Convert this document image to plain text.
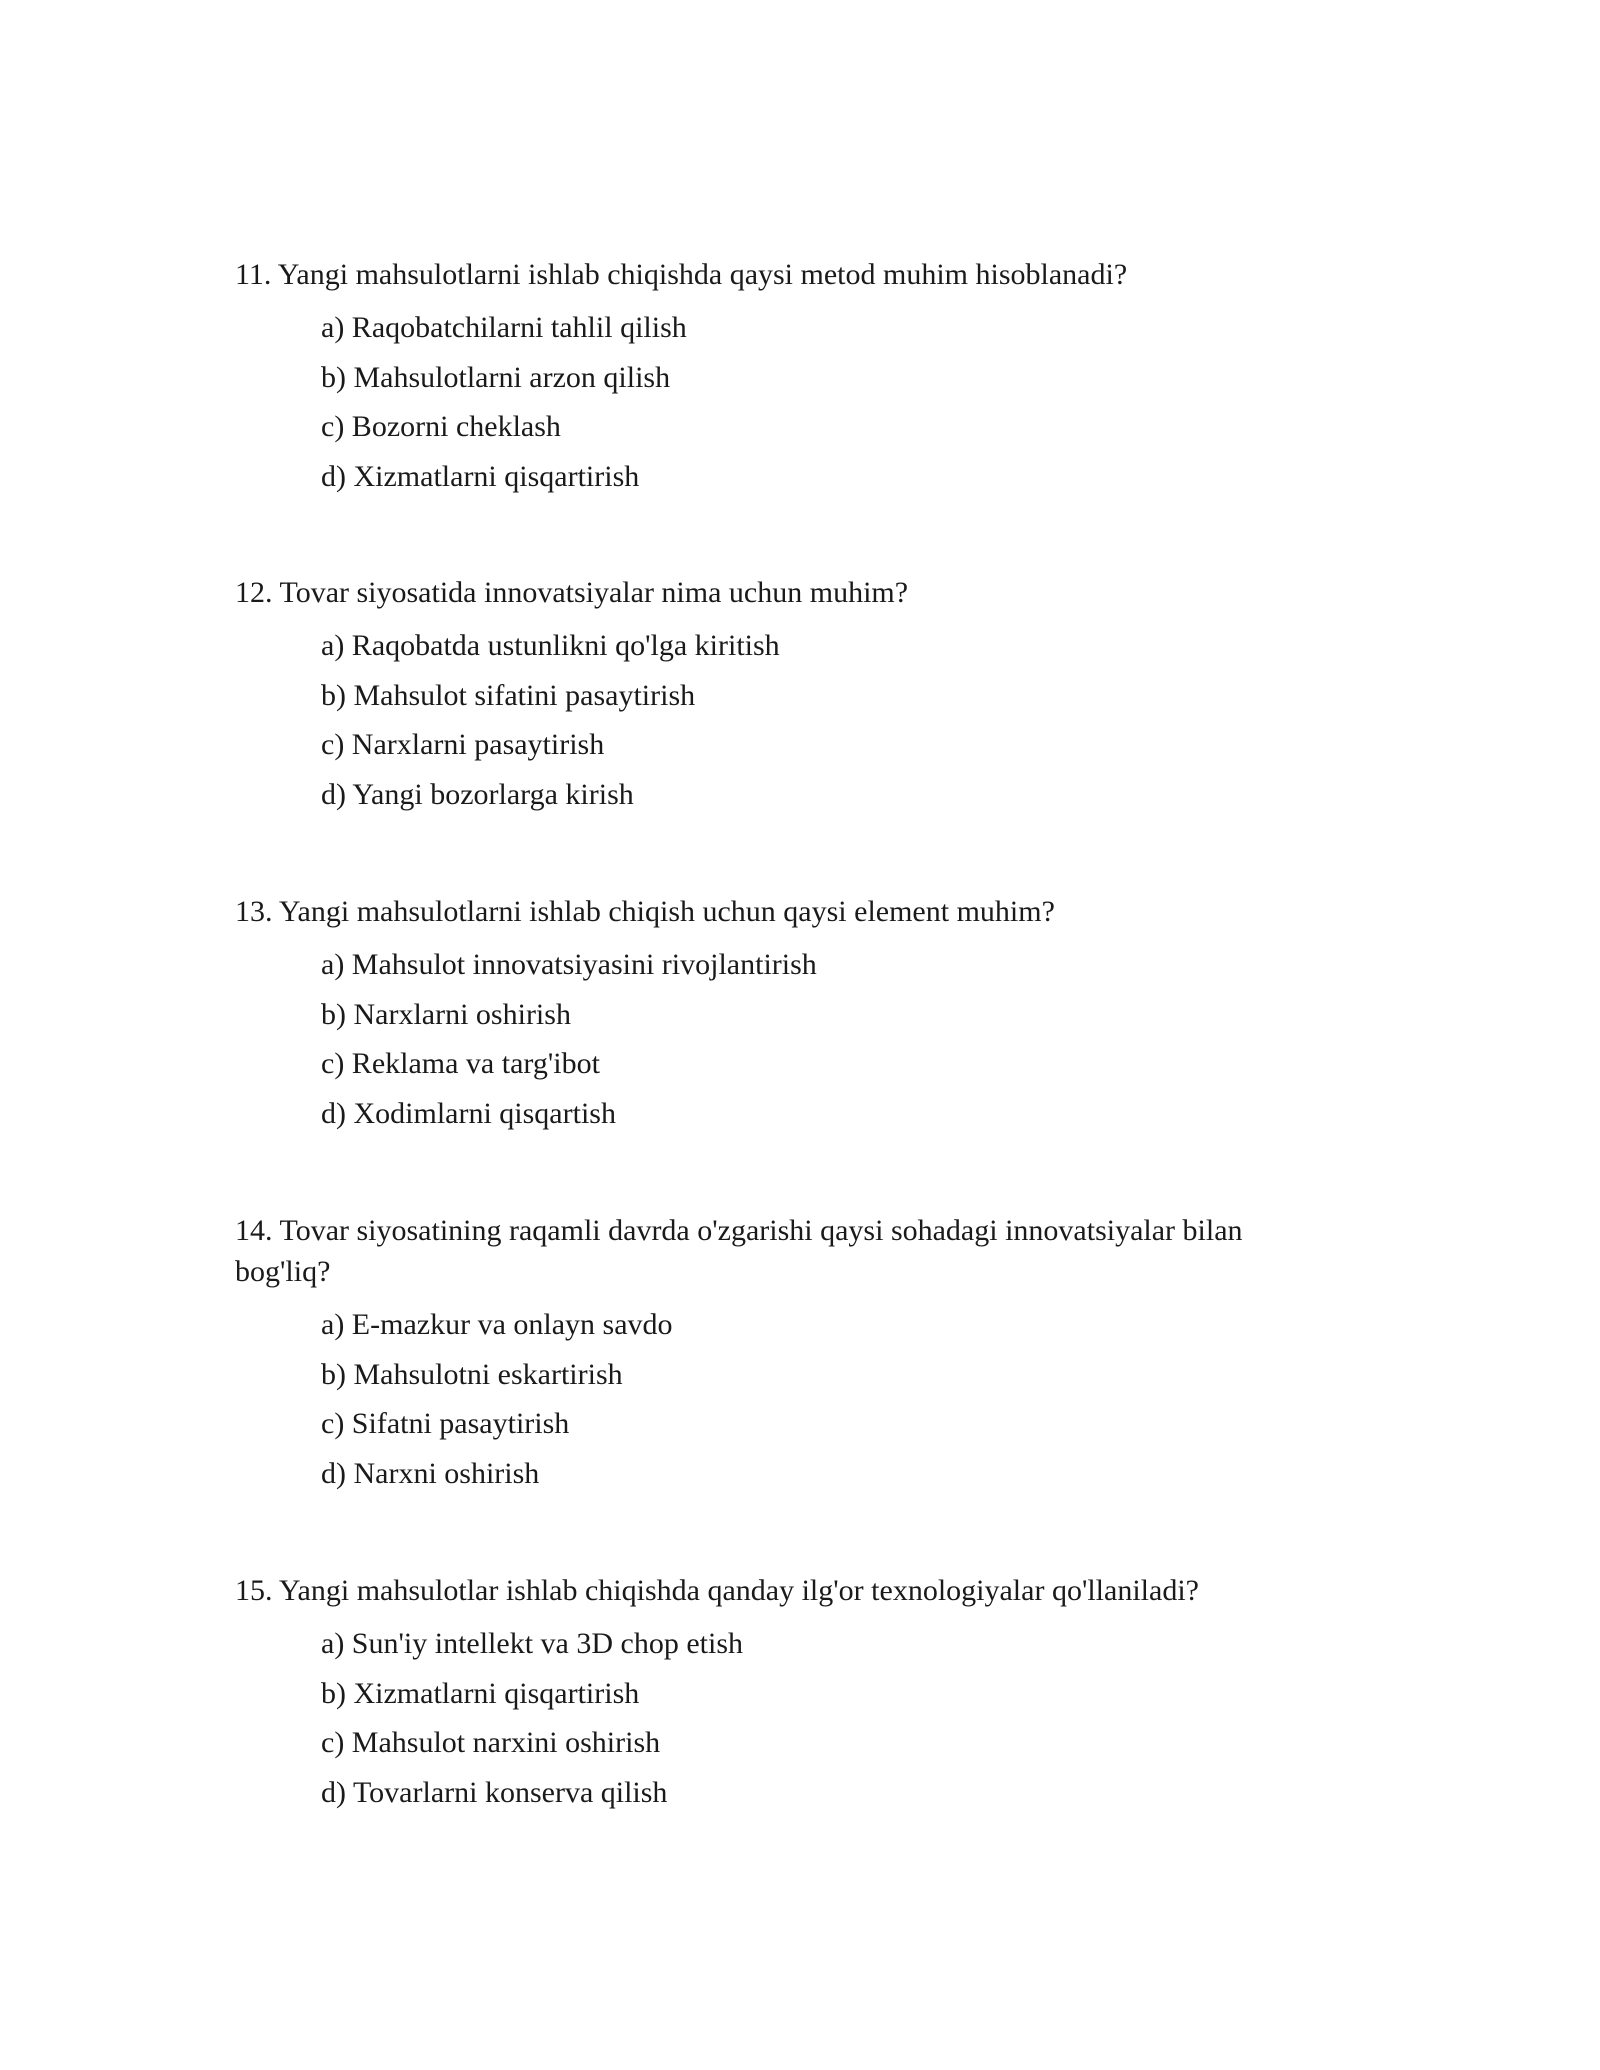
11. Yangi mahsulotlarni ishlab chiqishda qaysi metod muhim hisoblanadi?

a) Raqobatchilarni tahlil qilish
b) Mahsulotlarni arzon qilish
c) Bozorni cheklash
d) Xizmatlarni qisqartirish

12. Tovar siyosatida innovatsiyalar nima uchun muhim?

a) Raqobatda ustunlikni qo'lga kiritish
b) Mahsulot sifatini pasaytirish
c) Narxlarni pasaytirish
d) Yangi bozorlarga kirish

13. Yangi mahsulotlarni ishlab chiqish uchun qaysi element muhim?

a) Mahsulot innovatsiyasini rivojlantirish
b) Narxlarni oshirish
c) Reklama va targ'ibot
d) Xodimlarni qisqartish

14. Tovar siyosatining raqamli davrda o'zgarishi qaysi sohadagi innovatsiyalar bilan bog'liq?

a) E-mazkur va onlayn savdo
b) Mahsulotni eskartirish
c) Sifatni pasaytirish
d) Narxni oshirish

15. Yangi mahsulotlar ishlab chiqishda qanday ilg'or texnologiyalar qo'llaniladi?

a) Sun'iy intellekt va 3D chop etish
b) Xizmatlarni qisqartirish
c) Mahsulot narxini oshirish
d) Tovarlarni konserva qilish
